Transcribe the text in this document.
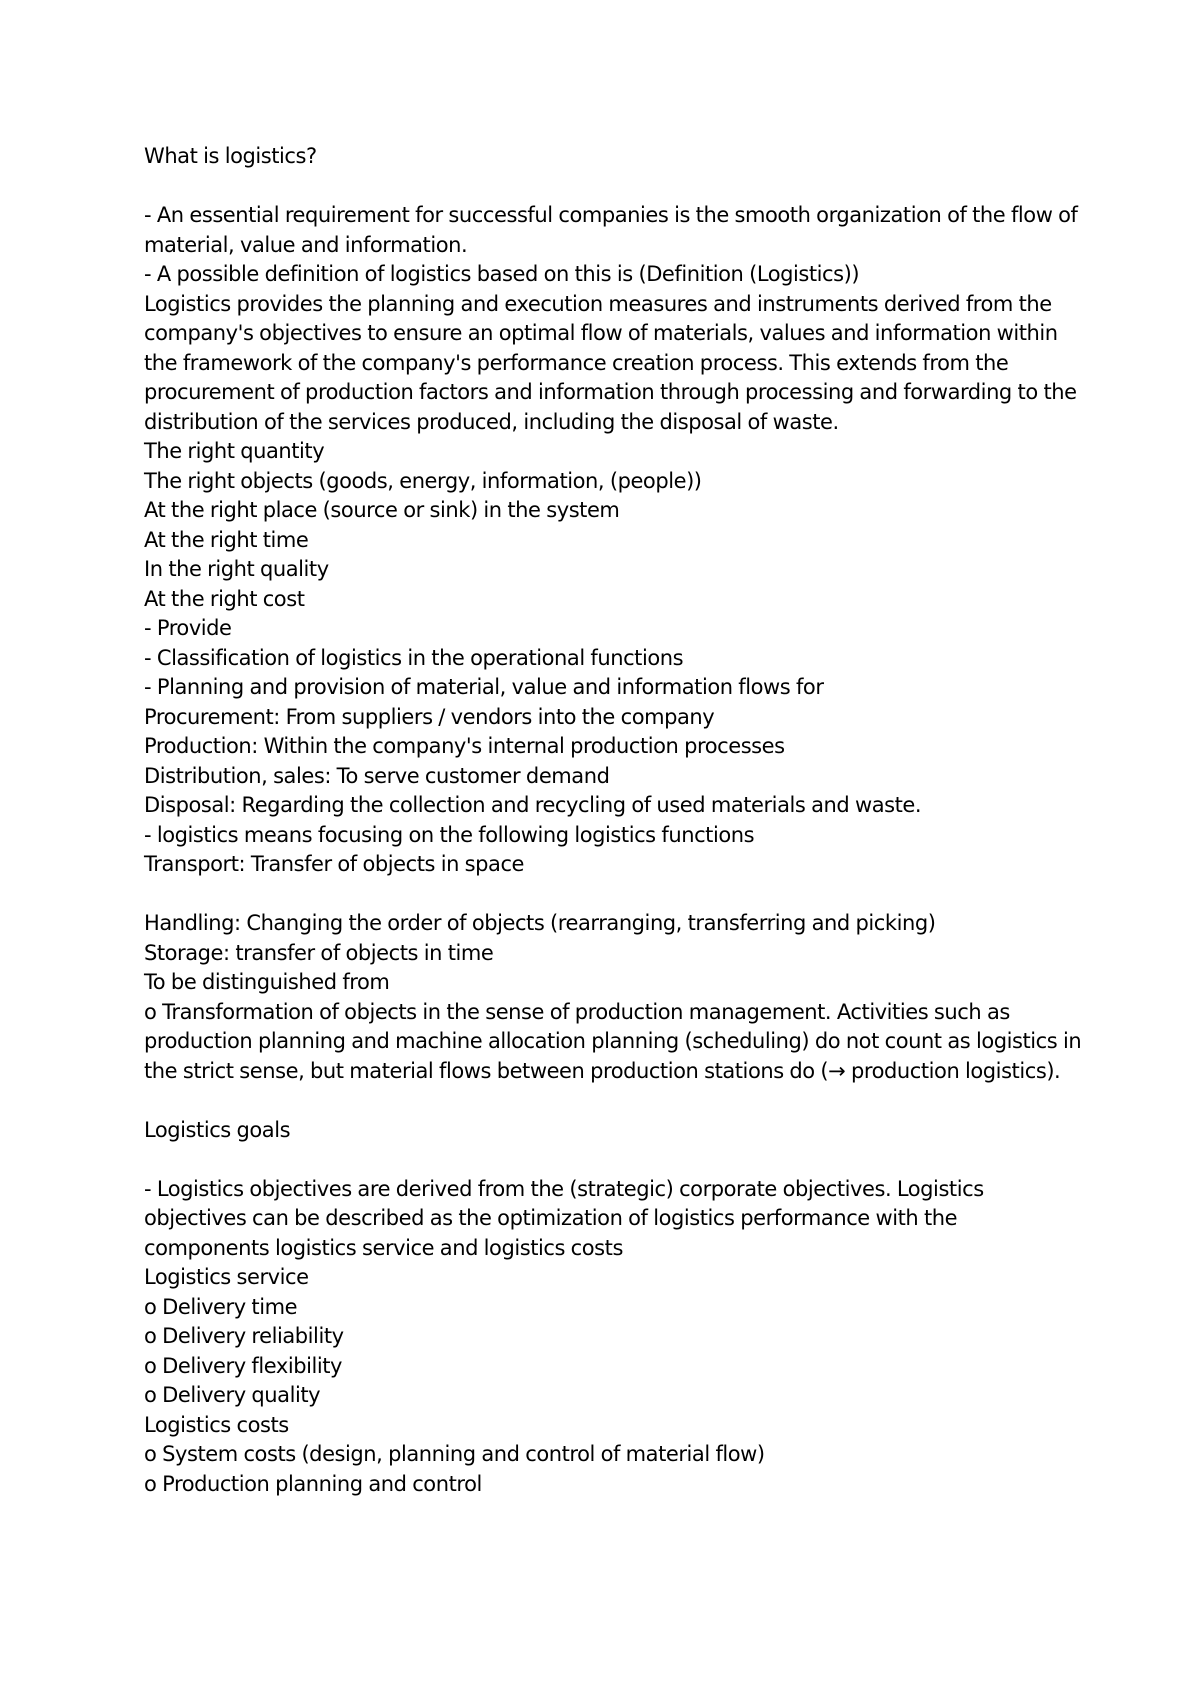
What is logistics?

- An essential requirement for successful companies is the smooth organization of the flow of material, value and information.

- A possible definition of logistics based on this is (Definition (Logistics))

Logistics provides the planning and execution measures and instruments derived from the company's objectives to ensure an optimal flow of materials, values and information within the framework of the company's performance creation process. This extends from the procurement of production factors and information through processing and forwarding to the distribution of the services produced, including the disposal of waste.

The right quantity

The right objects (goods, energy, information, (people))

At the right place (source or sink) in the system

At the right time

In the right quality

At the right cost

- Provide

- Classification of logistics in the operational functions

- Planning and provision of material, value and information flows for

Procurement: From suppliers / vendors into the company

Production: Within the company's internal production processes

Distribution, sales: To serve customer demand

Disposal: Regarding the collection and recycling of used materials and waste.

- logistics means focusing on the following logistics functions

Transport: Transfer of objects in space

Handling: Changing the order of objects (rearranging, transferring and picking)

Storage: transfer of objects in time

To be distinguished from

o Transformation of objects in the sense of production management. Activities such as production planning and machine allocation planning (scheduling) do not count as logistics in the strict sense, but material flows between production stations do (→ production logistics).

Logistics goals

- Logistics objectives are derived from the (strategic) corporate objectives. Logistics objectives can be described as the optimization of logistics performance with the components logistics service and logistics costs

Logistics service

o Delivery time

o Delivery reliability

o Delivery flexibility

o Delivery quality

Logistics costs

o System costs (design, planning and control of material flow)

o Production planning and control
